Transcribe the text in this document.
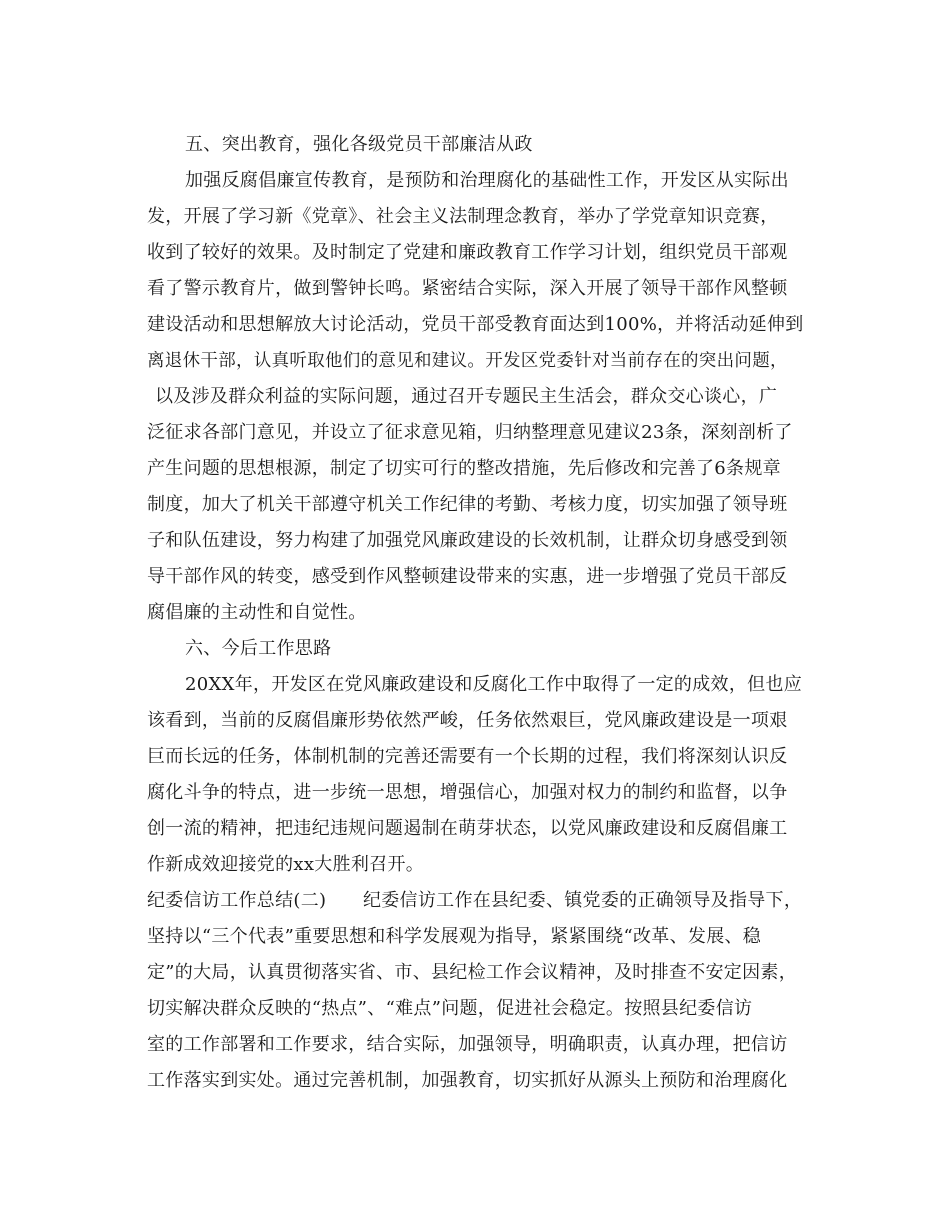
五、突出教育，强化各级党员干部廉洁从政
加强反腐倡廉宣传教育，是预防和治理腐化的基础性工作，开发区从实际出
发，开展了学习新《党章》、社会主义法制理念教育，举办了学党章知识竞赛，
收到了较好的效果。及时制定了党建和廉政教育工作学习计划，组织党员干部观
看了警示教育片，做到警钟长鸣。紧密结合实际，深入开展了领导干部作风整顿
建设活动和思想解放大讨论活动，党员干部受教育面达到100%，并将活动延伸到
离退休干部，认真听取他们的意见和建议。开发区党委针对当前存在的突出问题，
以及涉及群众利益的实际问题，通过召开专题民主生活会，群众交心谈心，广
泛征求各部门意见，并设立了征求意见箱，归纳整理意见建议23条，深刻剖析了
产生问题的思想根源，制定了切实可行的整改措施，先后修改和完善了6条规章
制度，加大了机关干部遵守机关工作纪律的考勤、考核力度，切实加强了领导班
子和队伍建设，努力构建了加强党风廉政建设的长效机制，让群众切身感受到领
导干部作风的转变，感受到作风整顿建设带来的实惠，进一步增强了党员干部反
腐倡廉的主动性和自觉性。
六、今后工作思路
20XX年，开发区在党风廉政建设和反腐化工作中取得了一定的成效，但也应
该看到，当前的反腐倡廉形势依然严峻，任务依然艰巨，党风廉政建设是一项艰
巨而长远的任务，体制机制的完善还需要有一个长期的过程，我们将深刻认识反
腐化斗争的特点，进一步统一思想，增强信心，加强对权力的制约和监督，以争
创一流的精神，把违纪违规问题遏制在萌芽状态，以党风廉政建设和反腐倡廉工
作新成效迎接党的xx大胜利召开。
纪委信访工作总结(二)　　纪委信访工作在县纪委、镇党委的正确领导及指导下，
坚持以“三个代表”重要思想和科学发展观为指导，紧紧围绕“改革、发展、稳
定”的大局，认真贯彻落实省、市、县纪检工作会议精神，及时排查不安定因素，
切实解决群众反映的“热点”、“难点”问题，促进社会稳定。按照县纪委信访
室的工作部署和工作要求，结合实际，加强领导，明确职责，认真办理，把信访
工作落实到实处。通过完善机制，加强教育，切实抓好从源头上预防和治理腐化
